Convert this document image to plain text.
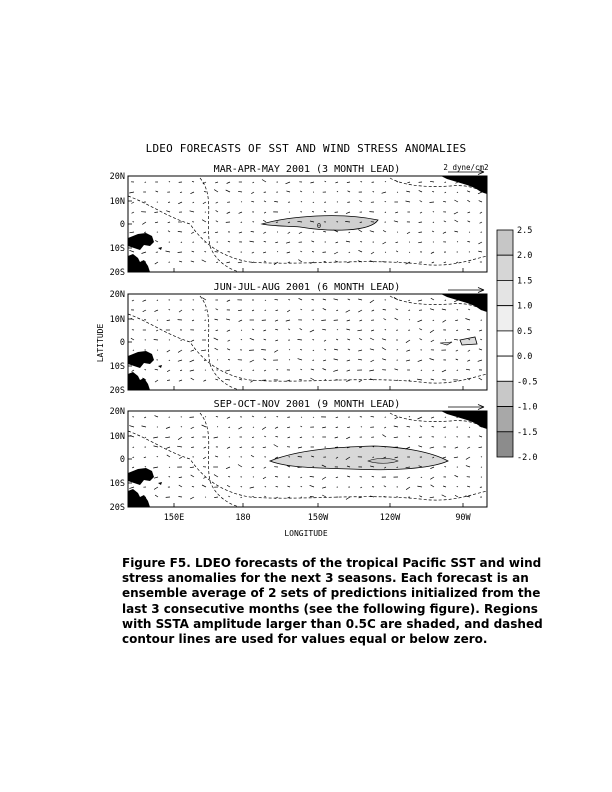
LDEO FORECASTS OF SST AND WIND STRESS ANOMALIES
MAR-APR-MAY 2001 (3 MONTH LEAD)
0
20N
10N
0
10S
20S
JUN-JUL-AUG 2001 (6 MONTH LEAD)
20N
10N
0
10S
20S
SEP-OCT-NOV 2001 (9 MONTH LEAD)
20N
10N
0
10S
20S
2 dyne/cm2
150E	180	150W	120W	90W
LATITUDE
LONGITUDE
2.5
2.0
1.5
1.0
0.5
0.0
-0.5
-1.0
-1.5
-2.0
Figure F5. LDEO forecasts of the tropical Pacific SST and wind
stress anomalies for the next 3 seasons. Each forecast is an
ensemble average of 2 sets of predictions initialized from the
last 3 consecutive months (see the following figure). Regions
with SSTA amplitude larger than 0.5C are shaded, and dashed
contour lines are used for values equal or below zero.
